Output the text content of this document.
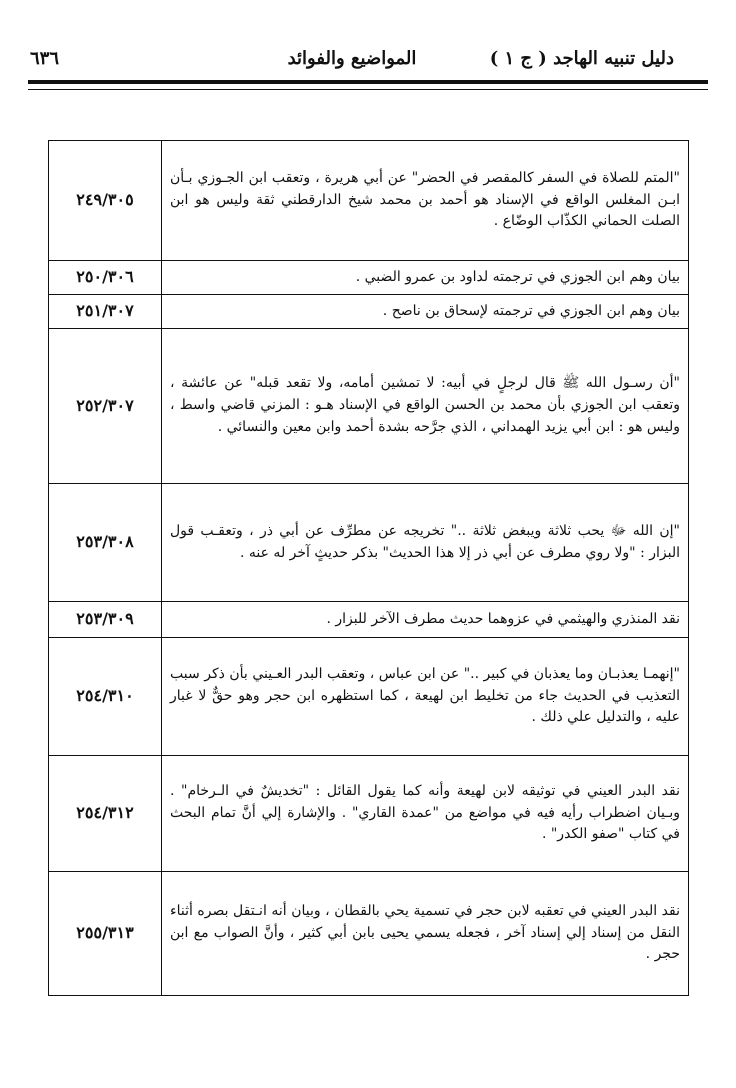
دليل تنبيه الهاجد ( ج ١ )
المواضيع والفوائد
٦٣٦
"المتم للصلاة في السفر كالمقصر في الحضر" عن أبي هريرة ، وتعقب ابن الجـوزي بـأن ابـن المغلس الواقع في الإسناد هو أحمد بن محمد شيخ الدارقطني ثقة وليس هو ابن الصلت الحماني الكذّاب الوضّاع .	٢٤٩/٣٠٥
بيان وهم ابن الجوزي في ترجمته لداود بن عمرو الضبي .	٢٥٠/٣٠٦
بيان وهم ابن الجوزي في ترجمته لإسحاق بن ناصح .	٢٥١/٣٠٧
"أن رسـول الله ﷺ قال لرجلٍ في أبيه: لا تمشين أمامه، ولا تقعد قبله" عن عائشة ، وتعقب ابن الجوزي بأن محمد بن الحسن الواقع في الإسناد هـو : المزني قاضي واسط ، وليس هو : ابن أبي يزيد الهمداني ، الذي جرَّحه بشدة أحمد وابن معين والنسائي .	٢٥٢/٣٠٧
"إن الله ﷻ يحب ثلاثة ويبغض ثلاثة .." تخريجه عن مطرِّف عن أبي ذر ، وتعقـب قول البزار : "ولا روي مطرف عن أبي ذر إلا هذا الحديث" بذكر حديثٍ آخر له عنه .	٢٥٣/٣٠٨
نقد المنذري والهيثمي في عزوهما حديث مطرف الآخر للبزار .	٢٥٣/٣٠٩
"إنهمـا يعذبـان وما يعذبان في كبير .." عن ابن عباس ، وتعقب البدر العـيني بأن ذكر سبب التعذيب في الحديث جاء من تخليط ابن لهيعة ، كما استظهره ابن حجر وهو حقٌّ لا غبار عليه ، والتدليل علي ذلك .	٢٥٤/٣١٠
نقد البدر العيني في توثيقه لابن لهيعة وأنه كما يقول القائل : "تخديشٌ في الـرخام" . وبـيان اضطراب رأيه فيه في مواضع من "عمدة القاري" . والإشارة إلي أنَّ تمام البحث في كتاب "صفو الكدر" .	٢٥٤/٣١٢
نقد البدر العيني في تعقبه لابن حجر في تسمية يحي بالقطان ، وبيان أنه انـتقل بصره أثناء النقل من إسناد إلي إسناد آخر ، فجعله يسمي يحيى بابن أبي كثير ، وأنَّ الصواب مع ابن حجر .	٢٥٥/٣١٣
